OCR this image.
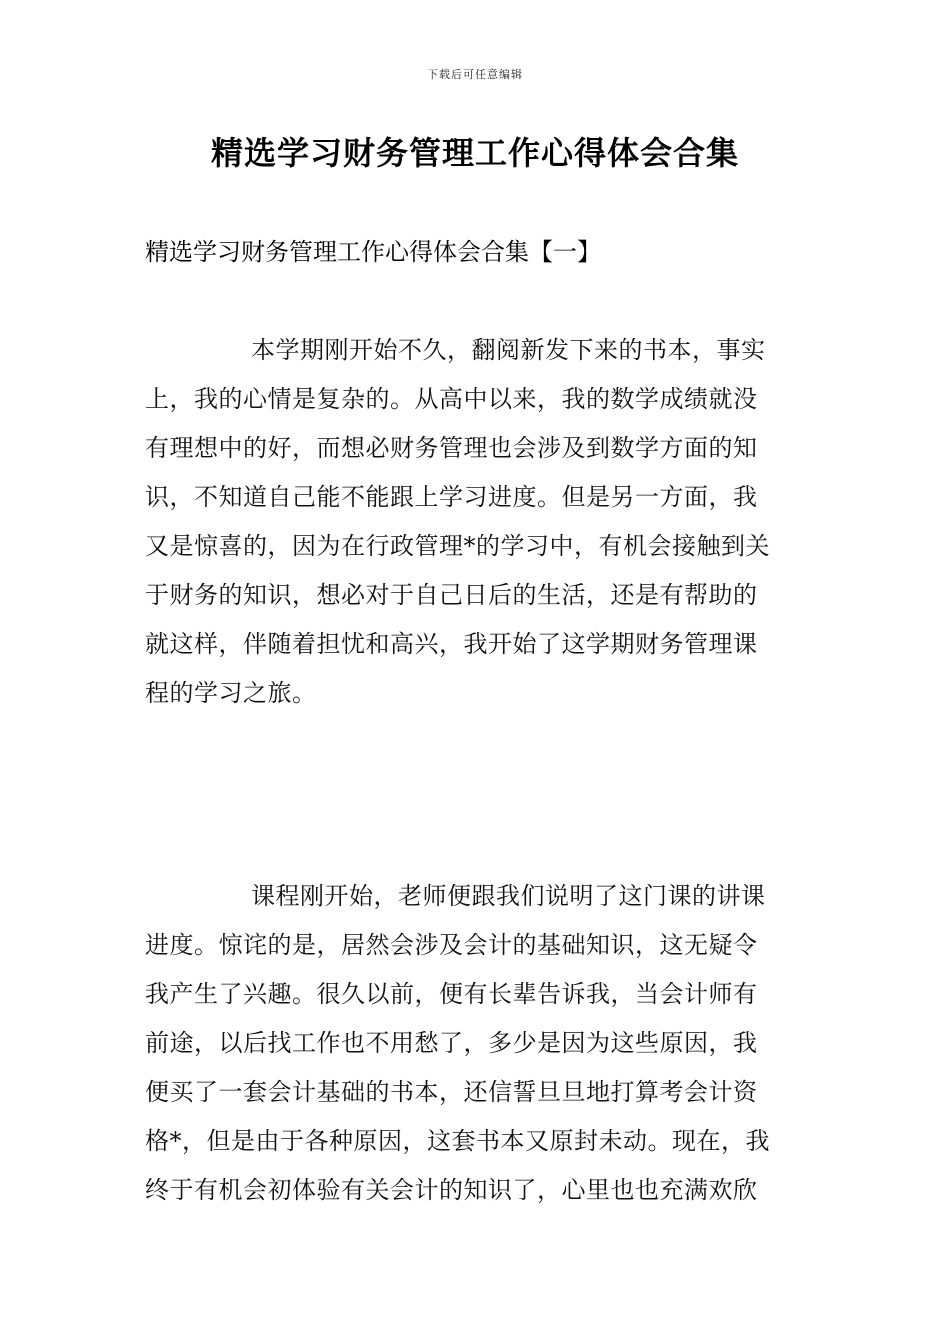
下载后可任意编辑
精选学习财务管理工作心得体会合集
精选学习财务管理工作心得体会合集【一】
本学期刚开始不久，翻阅新发下来的书本，事实
上，我的心情是复杂的。从高中以来，我的数学成绩就没
有理想中的好，而想必财务管理也会涉及到数学方面的知
识，不知道自己能不能跟上学习进度。但是另一方面，我
又是惊喜的，因为在行政管理*的学习中，有机会接触到关
于财务的知识，想必对于自己日后的生活，还是有帮助的
就这样，伴随着担忧和高兴，我开始了这学期财务管理课
程的学习之旅。
课程刚开始，老师便跟我们说明了这门课的讲课
进度。惊诧的是，居然会涉及会计的基础知识，这无疑令
我产生了兴趣。很久以前，便有长辈告诉我，当会计师有
前途，以后找工作也不用愁了，多少是因为这些原因，我
便买了一套会计基础的书本，还信誓旦旦地打算考会计资
格*，但是由于各种原因，这套书本又原封未动。现在，我
终于有机会初体验有关会计的知识了，心里也也充满欢欣
